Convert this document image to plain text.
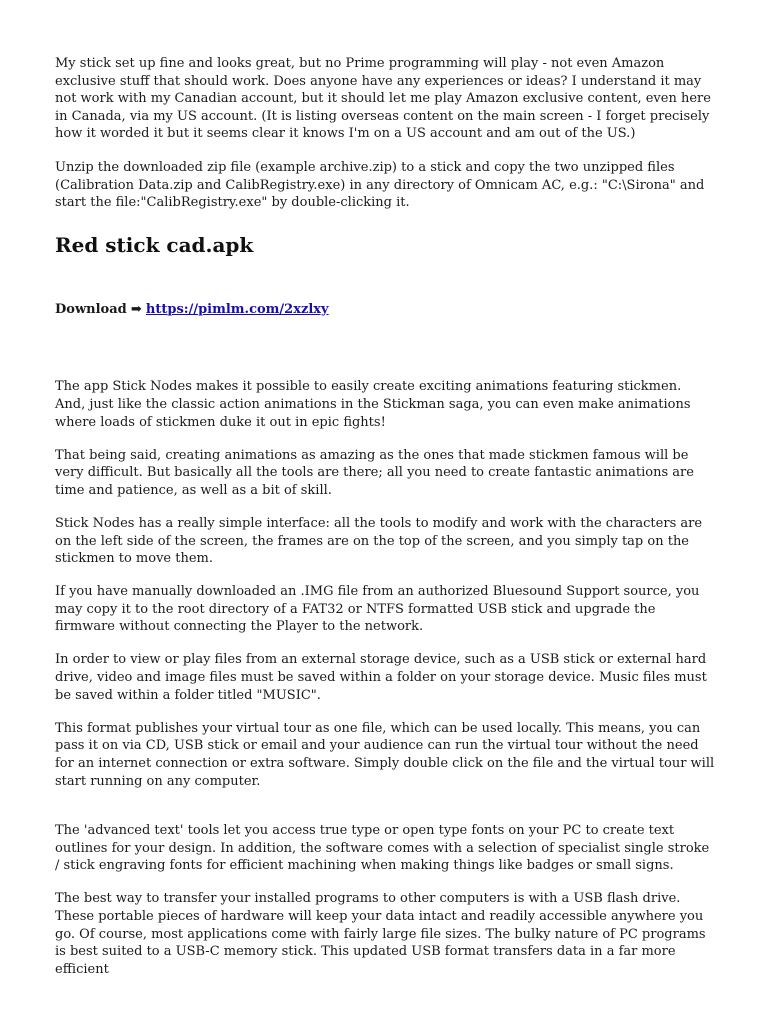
My stick set up fine and looks great, but no Prime programming will play - not even Amazon exclusive stuff that should work. Does anyone have any experiences or ideas? I understand it may not work with my Canadian account, but it should let me play Amazon exclusive content, even here in Canada, via my US account. (It is listing overseas content on the main screen - I forget precisely how it worded it but it seems clear it knows I'm on a US account and am out of the US.)

Unzip the downloaded zip file (example archive.zip) to a stick and copy the two unzipped files (Calibration Data.zip and CalibRegistry.exe) in any directory of Omnicam AC, e.g.: "C:\Sirona" and start the file:"CalibRegistry.exe" by double-clicking it.

Red stick cad.apk
Download ➡ https://pimlm.com/2xzlxy

The app Stick Nodes makes it possible to easily create exciting animations featuring stickmen. And, just like the classic action animations in the Stickman saga, you can even make animations where loads of stickmen duke it out in epic fights!

That being said, creating animations as amazing as the ones that made stickmen famous will be very difficult. But basically all the tools are there; all you need to create fantastic animations are time and patience, as well as a bit of skill.

Stick Nodes has a really simple interface: all the tools to modify and work with the characters are on the left side of the screen, the frames are on the top of the screen, and you simply tap on the stickmen to move them.

If you have manually downloaded an .IMG file from an authorized Bluesound Support source, you may copy it to the root directory of a FAT32 or NTFS formatted USB stick and upgrade the firmware without connecting the Player to the network.

In order to view or play files from an external storage device, such as a USB stick or external hard drive, video and image files must be saved within a folder on your storage device. Music files must be saved within a folder titled "MUSIC".

This format publishes your virtual tour as one file, which can be used locally. This means, you can pass it on via CD, USB stick or email and your audience can run the virtual tour without the need for an internet connection or extra software. Simply double click on the file and the virtual tour will start running on any computer.

The 'advanced text' tools let you access true type or open type fonts on your PC to create text outlines for your design. In addition, the software comes with a selection of specialist single stroke / stick engraving fonts for efficient machining when making things like badges or small signs.

The best way to transfer your installed programs to other computers is with a USB flash drive. These portable pieces of hardware will keep your data intact and readily accessible anywhere you go. Of course, most applications come with fairly large file sizes. The bulky nature of PC programs is best suited to a USB-C memory stick. This updated USB format transfers data in a far more efficient
